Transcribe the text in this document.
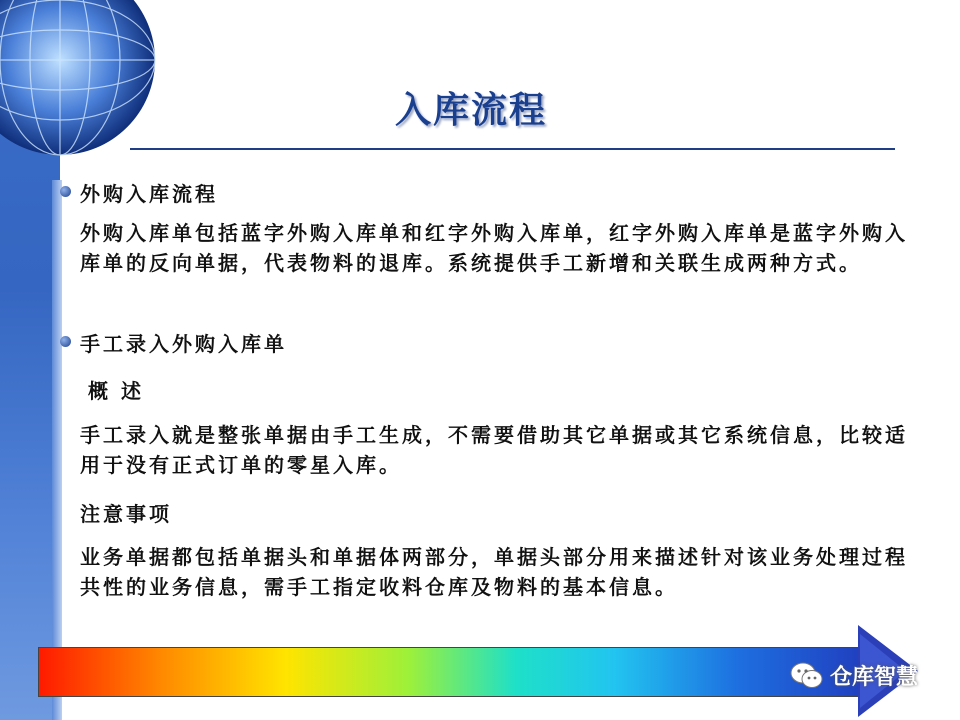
入库流程
外购入库流程
外购入库单包括蓝字外购入库单和红字外购入库单，红字外购入库单是蓝字外购入库单的反向单据，代表物料的退库。系统提供手工新增和关联生成两种方式。
手工录入外购入库单
概 述
手工录入就是整张单据由手工生成，不需要借助其它单据或其它系统信息，比较适用于没有正式订单的零星入库。
注意事项
业务单据都包括单据头和单据体两部分，单据头部分用来描述针对该业务处理过程共性的业务信息，需手工指定收料仓库及物料的基本信息。
仓库智慧
